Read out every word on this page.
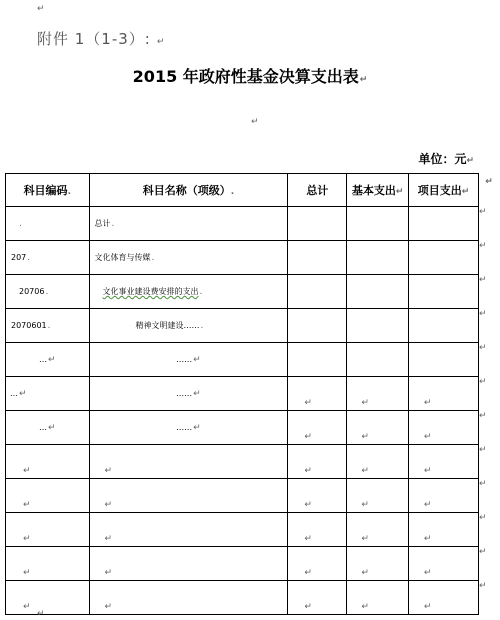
↵
附件 1（1-3）: ↵
2015 年政府性基金决算支出表↵
↵
单位：元↵
科目编码.	科目名称（项级）.	总计	基本支出↵	项目支出↵	↵
.	总计.				↵
207.	文化体育与传媒.				↵
20706.	文化事业建设费安排的支出.				↵
2070601.	精神文明建设…….				↵
…↵	……↵				↵
…↵	……↵	↵	↵	↵	↵
…↵	……↵	↵	↵	↵	↵

↵	↵	↵	↵	↵	↵

↵	↵	↵	↵	↵	↵

↵	↵	↵	↵	↵	↵

↵	↵	↵	↵	↵	↵

↵	↵	↵	↵	↵	↵
↵
